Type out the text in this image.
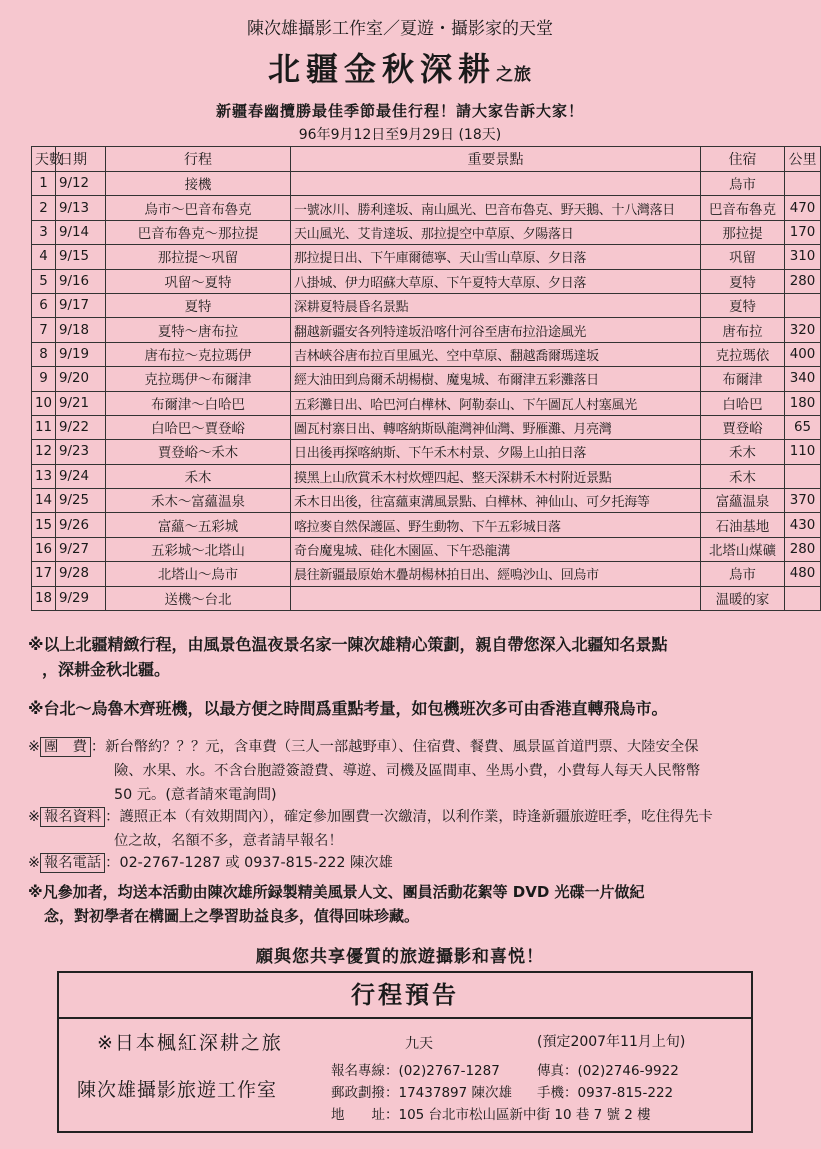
陳次雄攝影工作室／夏遊・攝影家的天堂
北疆金秋深耕之旅
新疆春幽攬勝最佳季節最佳行程！請大家告訴大家！
96年9月12日至9月29日 (18天)
天數	日期	行程	重要景點	住宿	公里
1	9/12	接機		烏市	
2	9/13	烏市～巴音布魯克	一號冰川、勝利達坂、南山風光、巴音布魯克、野天鵝、十八灣落日	巴音布魯克	470
3	9/14	巴音布魯克～那拉提	天山風光、艾肯達坂、那拉提空中草原、夕陽落日	那拉提	170
4	9/15	那拉提～巩留	那拉提日出、下午庫爾德寧、天山雪山草原、夕日落	巩留	310
5	9/16	巩留～夏特	八掛城、伊力昭蘇大草原、下午夏特大草原、夕日落	夏特	280
6	9/17	夏特	深耕夏特晨昏名景點	夏特	
7	9/18	夏特～唐布拉	翻越新疆安各列特達坂沿喀什河谷至唐布拉沿途風光	唐布拉	320
8	9/19	唐布拉～克拉瑪伊	吉林峽谷唐布拉百里風光、空中草原、翻越喬爾瑪達坂	克拉瑪依	400
9	9/20	克拉瑪伊～布爾津	經大油田到烏爾禾胡楊樹、魔鬼城、布爾津五彩灘落日	布爾津	340
10	9/21	布爾津～白哈巴	五彩灘日出、哈巴河白樺林、阿勒泰山、下午圖瓦人村塞風光	白哈巴	180
11	9/22	白哈巴～賈登峪	圖瓦村寨日出、轉喀納斯臥龍灣神仙灣、野雁灘、月亮灣	賈登峪	65
12	9/23	賈登峪～禾木	日出後再探喀納斯、下午禾木村景、夕陽上山拍日落	禾木	110
13	9/24	禾木	摸黑上山欣賞禾木村炊煙四起、整天深耕禾木村附近景點	禾木	
14	9/25	禾木～富蘊温泉	禾木日出後，往富蘊東溝風景點、白樺林、神仙山、可夕托海等	富蘊温泉	370
15	9/26	富蘊～五彩城	喀拉麥自然保護區、野生動物、下午五彩城日落	石油基地	430
16	9/27	五彩城～北塔山	奇台魔鬼城、硅化木園區、下午恐龍溝	北塔山煤礦	280
17	9/28	北塔山～烏市	晨往新疆最原始木疊胡楊林拍日出、經鳴沙山、回烏市	烏市	480
18	9/29	送機～台北		温暖的家	
※以上北疆精緻行程，由風景色温夜景名家一陳次雄精心策劃，親自帶您深入北疆知名景點
，深耕金秋北疆。
※台北～烏魯木齊班機，以最方便之時間爲重點考量，如包機班次多可由香港直轉飛烏市。
※ 團　費 ：新台幣約？？？元，含車費（三人一部越野車）、住宿費、餐費、風景區首道門票、大陸安全保
險、水果、水。不含台胞證簽證費、導遊、司機及區間車、坐馬小費，小費每人每天人民幣幣
50 元。(意者請來電詢問)
※ 報名資料 ：護照正本（有效期間內），確定參加團費一次繳清，以利作業，時逢新疆旅遊旺季，吃住得先卡
位之故，名額不多，意者請早報名！
※ 報名電話 ：02-2767-1287 或 0937-815-222 陳次雄
※凡參加者，均送本活動由陳次雄所録製精美風景人文、團員活動花絮等 DVD 光碟一片做紀
念，對初學者在構圖上之學習助益良多，值得回味珍藏。
願與您共享優質的旅遊攝影和喜悦！
行程預告
※日本楓紅深耕之旅	九天	(預定2007年11月上旬)
陳次雄攝影旅遊工作室
報名專線：(02)2767-1287	傳真：(02)2746-9922
郵政劃撥：17437897 陳次雄 手機：0937-815-222
地　　址：105 台北市松山區新中街 10 巷 7 號 2 樓
